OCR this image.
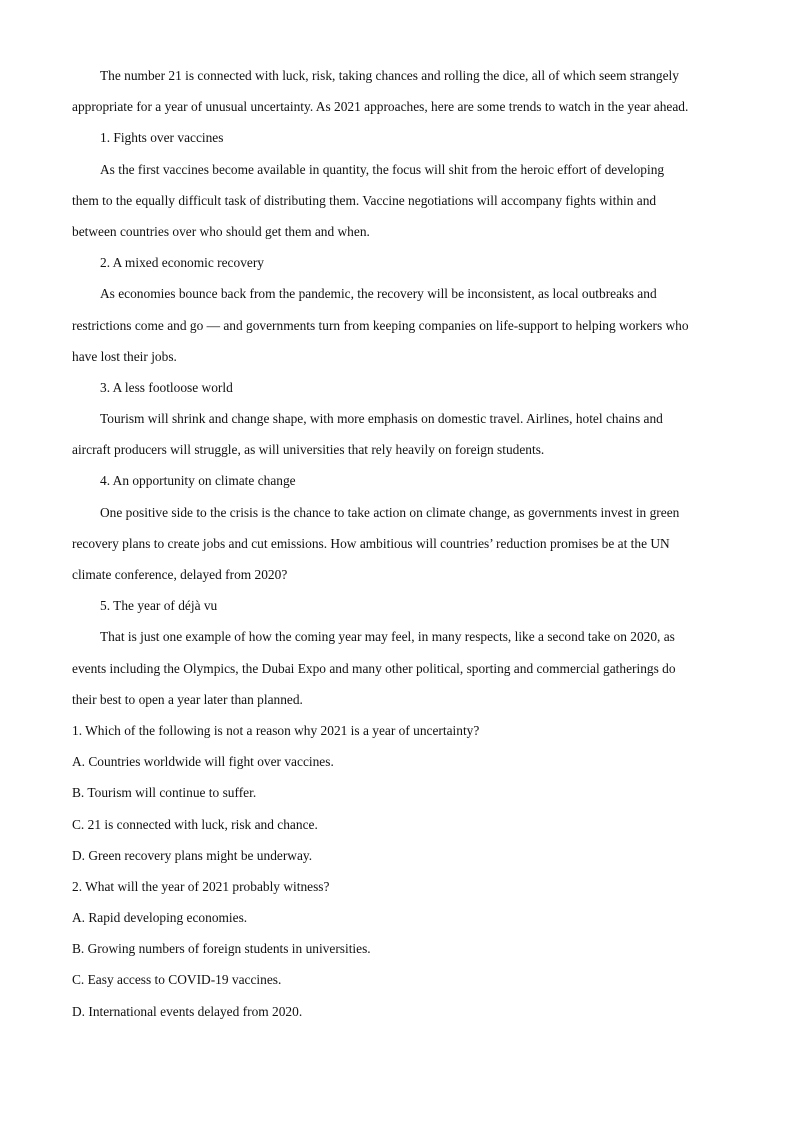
The number 21 is connected with luck, risk, taking chances and rolling the dice, all of which seem strangely
appropriate for a year of unusual uncertainty. As 2021 approaches, here are some trends to watch in the year ahead.
1. Fights over vaccines
As the first vaccines become available in quantity, the focus will shit from the heroic effort of developing
them to the equally difficult task of distributing them. Vaccine negotiations will accompany fights within and
between countries over who should get them and when.
2. A mixed economic recovery
As economies bounce back from the pandemic, the recovery will be inconsistent, as local outbreaks and
restrictions come and go — and governments turn from keeping companies on life-support to helping workers who
have lost their jobs.
3. A less footloose world
Tourism will shrink and change shape, with more emphasis on domestic travel. Airlines, hotel chains and
aircraft producers will struggle, as will universities that rely heavily on foreign students.
4. An opportunity on climate change
One positive side to the crisis is the chance to take action on climate change, as governments invest in green
recovery plans to create jobs and cut emissions. How ambitious will countries’ reduction promises be at the UN
climate conference, delayed from 2020?
5. The year of déjà vu
That is just one example of how the coming year may feel, in many respects, like a second take on 2020, as
events including the Olympics, the Dubai Expo and many other political, sporting and commercial gatherings do
their best to open a year later than planned.
1. Which of the following is not a reason why 2021 is a year of uncertainty?
A. Countries worldwide will fight over vaccines.
B. Tourism will continue to suffer.
C. 21 is connected with luck, risk and chance.
D. Green recovery plans might be underway.
2. What will the year of 2021 probably witness?
A. Rapid developing economies.
B. Growing numbers of foreign students in universities.
C. Easy access to COVID-19 vaccines.
D. International events delayed from 2020.
